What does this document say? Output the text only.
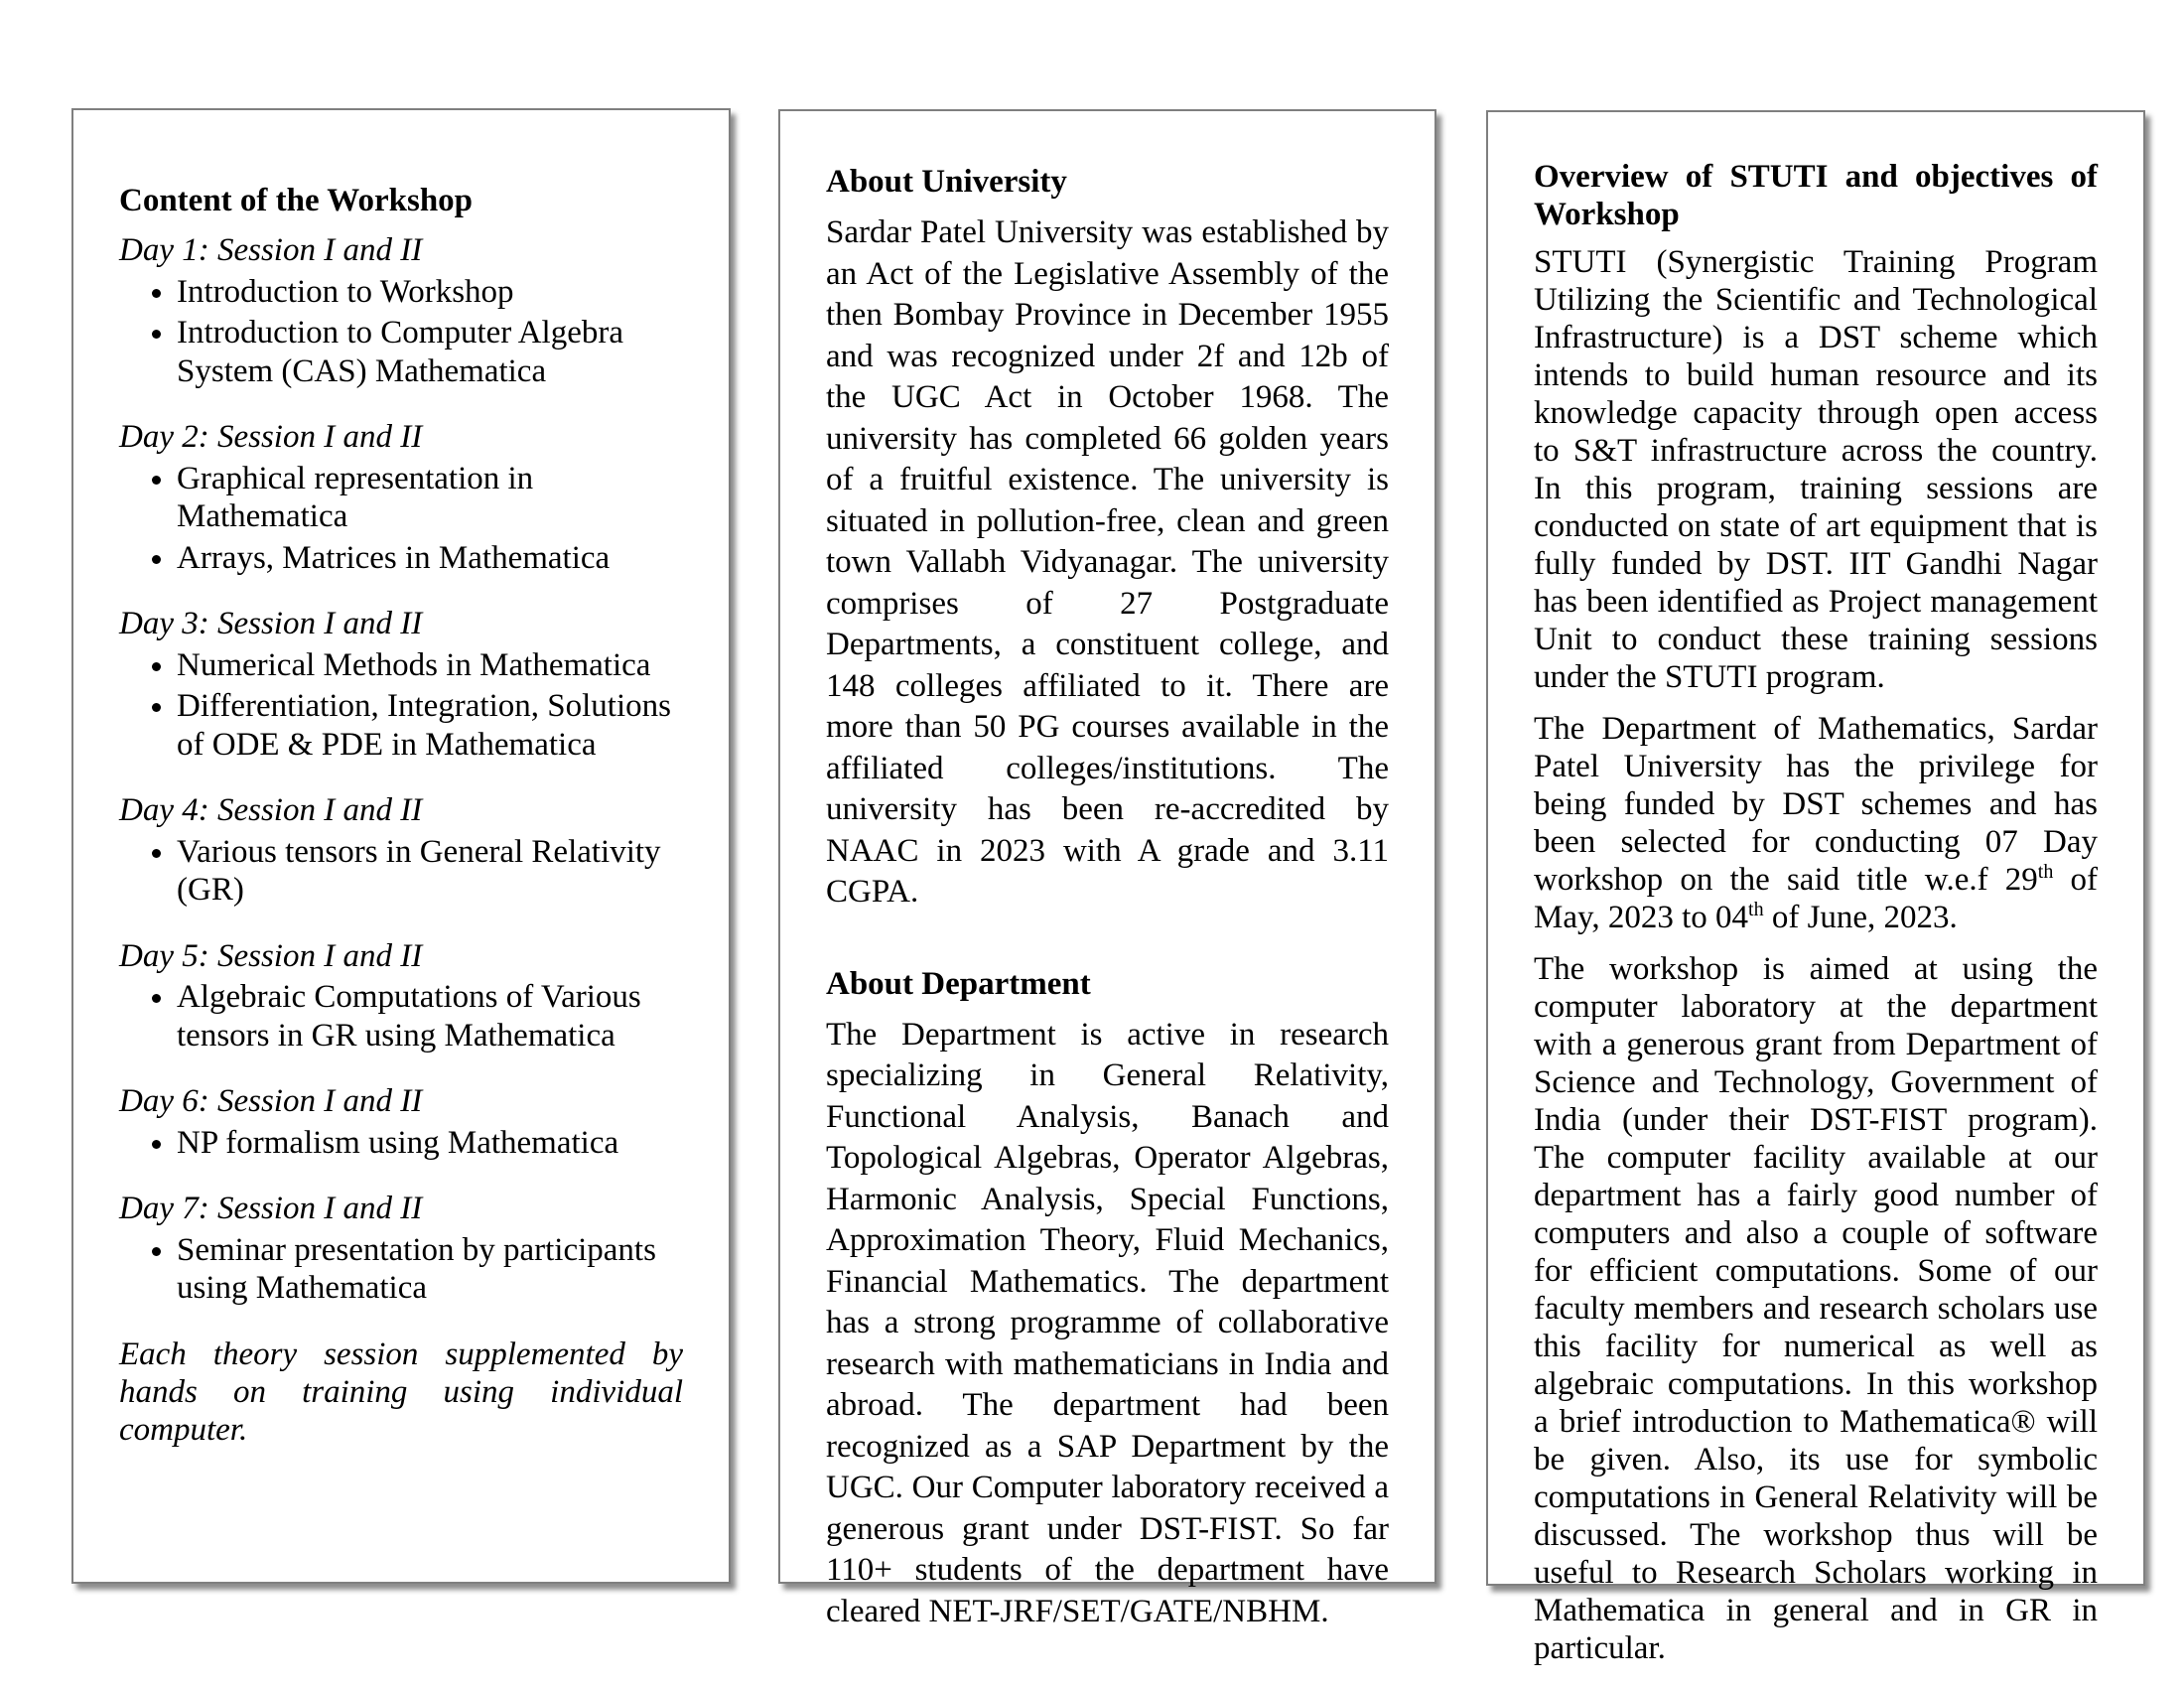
Content of the Workshop

Day 1: Session I and II

• Introduction to Workshop
• Introduction to Computer Algebra System (CAS) Mathematica

Day 2: Session I and II

• Graphical representation in Mathematica
• Arrays, Matrices in Mathematica

Day 3: Session I and II

• Numerical Methods in Mathematica
• Differentiation, Integration, Solutions of ODE & PDE in Mathematica

Day 4: Session I and II

• Various tensors in General Relativity (GR)

Day 5: Session I and II

• Algebraic Computations of Various tensors in GR using Mathematica

Day 6: Session I and II

• NP formalism using Mathematica

Day 7: Session I and II

• Seminar presentation by participants using Mathematica

Each theory session supplemented by hands on training using individual computer.

About University

Sardar Patel University was established by an Act of the Legislative Assembly of the then Bombay Province in December 1955 and was recognized under 2f and 12b of the UGC Act in October 1968. The university has completed 66 golden years of a fruitful existence. The university is situated in pollution-free, clean and green town Vallabh Vidyanagar. The university comprises of 27 Postgraduate Departments, a constituent college, and 148 colleges affiliated to it. There are more than 50 PG courses available in the affiliated colleges/institutions. The university has been re-accredited by NAAC in 2023 with A grade and 3.11 CGPA.

About Department

The Department is active in research specializing in General Relativity, Functional Analysis, Banach and Topological Algebras, Operator Algebras, Harmonic Analysis, Special Functions, Approximation Theory, Fluid Mechanics, Financial Mathematics. The department has a strong programme of collaborative research with mathematicians in India and abroad. The department had been recognized as a SAP Department by the UGC. Our Computer laboratory received a generous grant under DST-FIST. So far 110+ students of the department have cleared NET-JRF/SET/GATE/NBHM.

Overview of STUTI and objectives of Workshop

STUTI (Synergistic Training Program Utilizing the Scientific and Technological Infrastructure) is a DST scheme which intends to build human resource and its knowledge capacity through open access to S&T infrastructure across the country. In this program, training sessions are conducted on state of art equipment that is fully funded by DST. IIT Gandhi Nagar has been identified as Project management Unit to conduct these training sessions under the STUTI program.

The Department of Mathematics, Sardar Patel University has the privilege for being funded by DST schemes and has been selected for conducting 07 Day workshop on the said title w.e.f 29th of May, 2023 to 04th of June, 2023.

The workshop is aimed at using the computer laboratory at the department with a generous grant from Department of Science and Technology, Government of India (under their DST-FIST program). The computer facility available at our department has a fairly good number of computers and also a couple of software for efficient computations. Some of our faculty members and research scholars use this facility for numerical as well as algebraic computations. In this workshop a brief introduction to Mathematica® will be given. Also, its use for symbolic computations in General Relativity will be discussed. The workshop thus will be useful to Research Scholars working in Mathematica in general and in GR in particular.
